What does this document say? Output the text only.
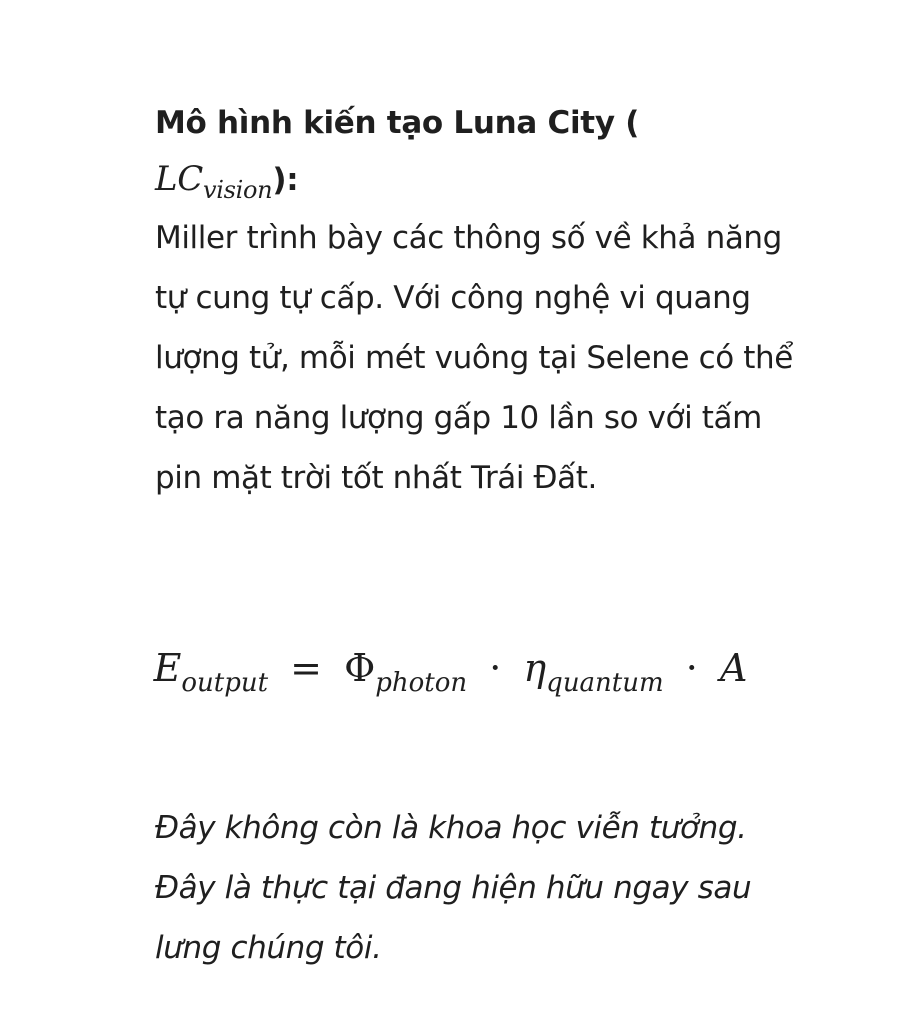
Mô hình kiến tạo Luna City (
$LC_{vision}$):

Miller trình bày các thông số về khả năng tự cung tự cấp. Với công nghệ vi quang lượng tử, mỗi mét vuông tại Selene có thể tạo ra năng lượng gấp 10 lần so với tấm pin mặt trời tốt nhất Trái Đất.

$E_{output} = \Phi_{photon} \cdot \eta_{quantum} \cdot A$

Đây không còn là khoa học viễn tưởng. Đây là thực tại đang hiện hữu ngay sau lưng chúng tôi.
